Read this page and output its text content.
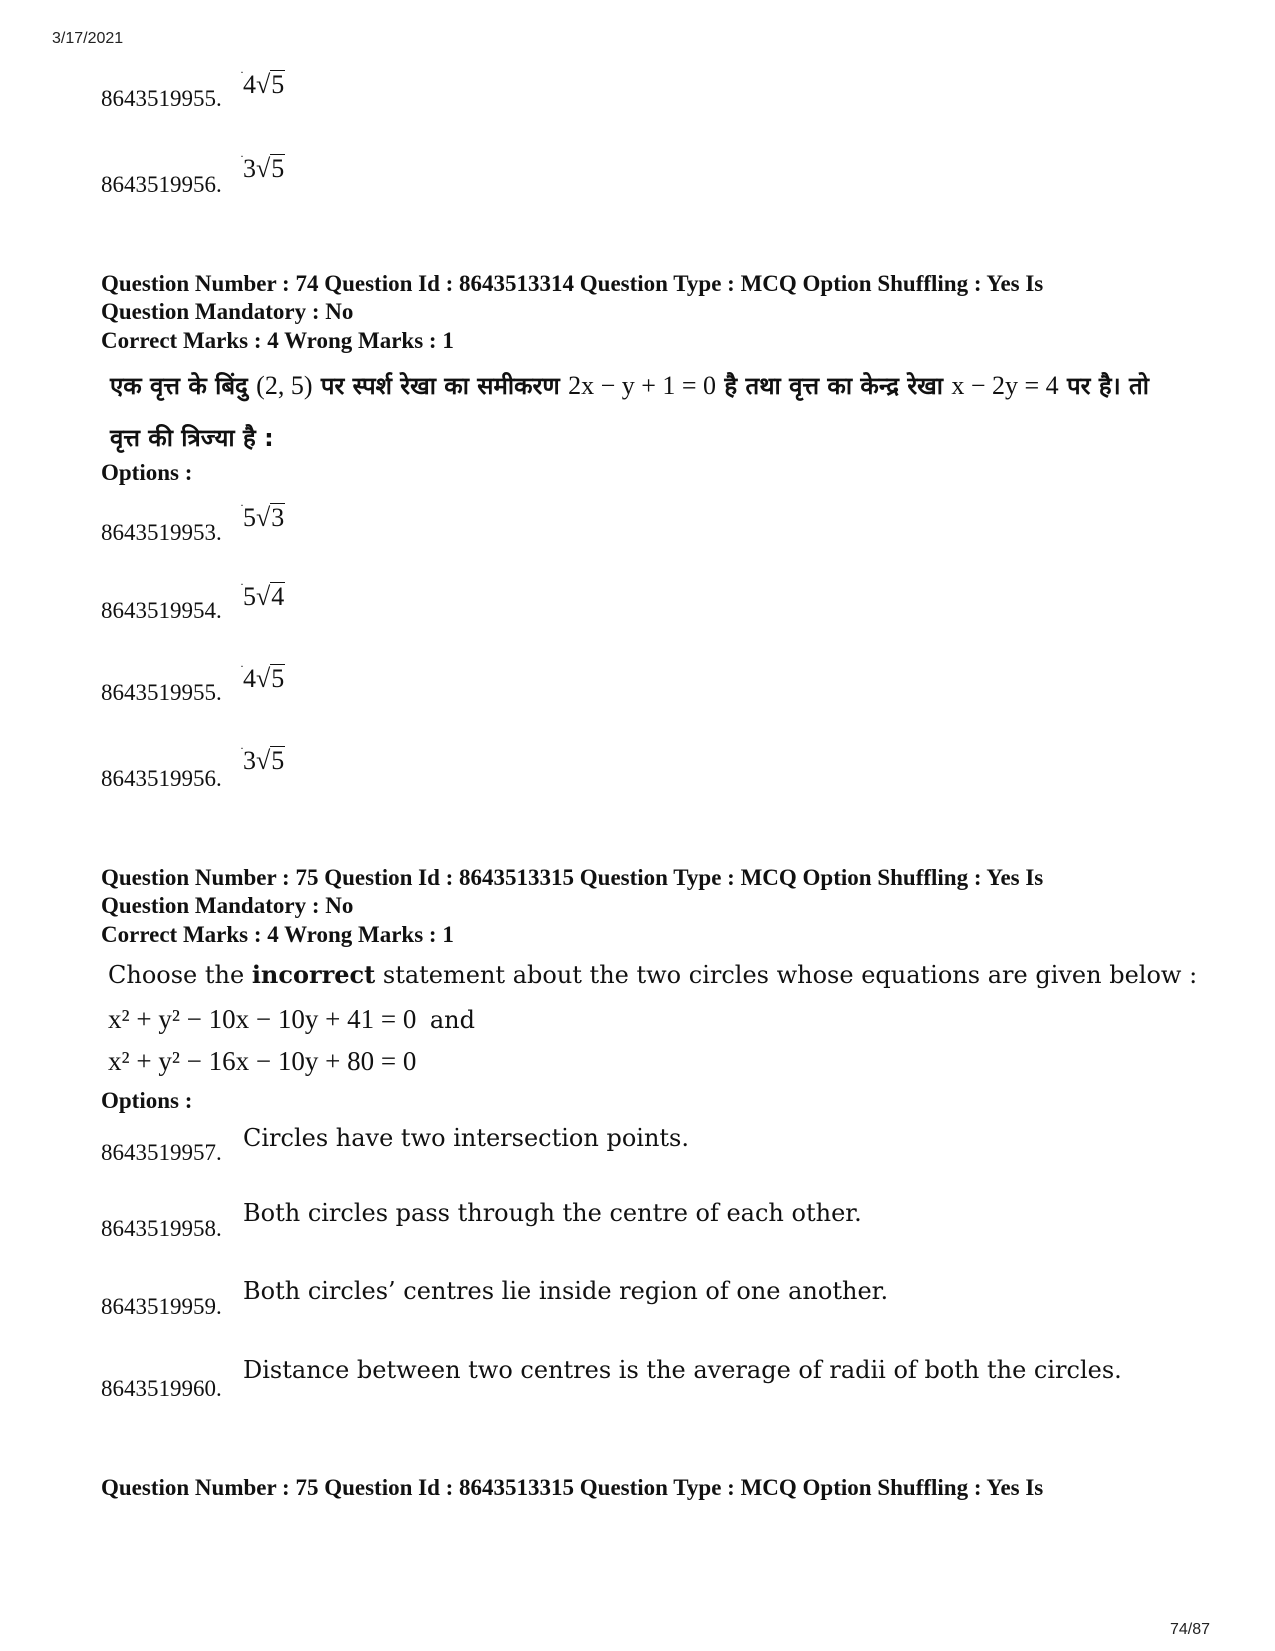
3/17/2021
8643519955.
· 4√5
8643519956.
· 3√5
Question Number : 74 Question Id : 8643513314 Question Type : MCQ Option Shuffling : Yes Is
Question Mandatory : No
Correct Marks : 4 Wrong Marks : 1
एक वृत्त के बिंदु (2, 5) पर स्पर्श रेखा का समीकरण 2x − y + 1 = 0 है तथा वृत्त का केन्द्र रेखा x − 2y = 4 पर है। तो
वृत्त की त्रिज्या है :
Options :
8643519953.
· 5√3
8643519954.
· 5√4
8643519955.
· 4√5
8643519956.
· 3√5
Question Number : 75 Question Id : 8643513315 Question Type : MCQ Option Shuffling : Yes Is
Question Mandatory : No
Correct Marks : 4 Wrong Marks : 1
Choose the incorrect statement about the two circles whose equations are given below :
x² + y² − 10x − 10y + 41 = 0 and
x² + y² − 16x − 10y + 80 = 0
Options :
8643519957.
Circles have two intersection points.
8643519958.
Both circles pass through the centre of each other.
8643519959.
Both circles’ centres lie inside region of one another.
8643519960.
Distance between two centres is the average of radii of both the circles.
Question Number : 75 Question Id : 8643513315 Question Type : MCQ Option Shuffling : Yes Is
74/87
